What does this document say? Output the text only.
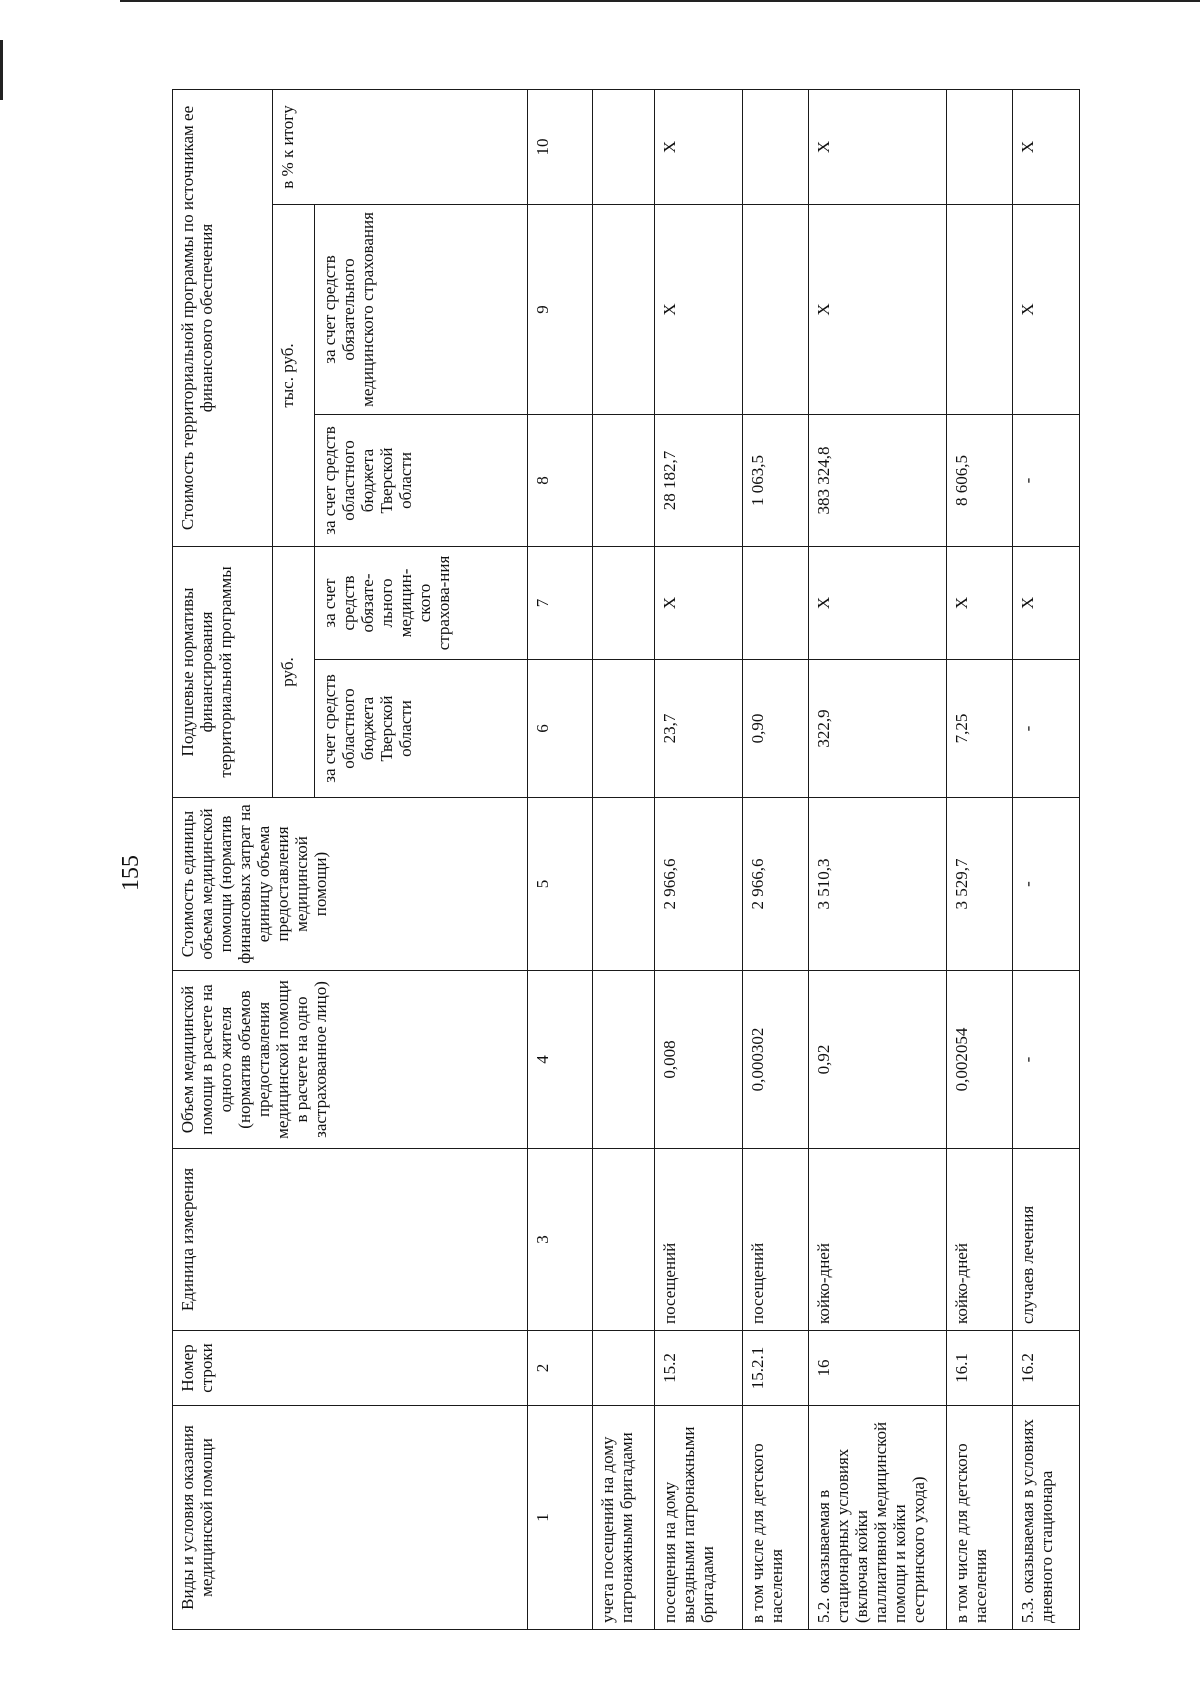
155
Виды и условия оказания медицинской помощи	Номер строки	Единица измерения	Объем медицинской помощи в расчете на одного жителя (норматив объемов предоставления медицинской помощи в расчете на одно застрахованное лицо)	Стоимость единицы объема медицинской помощи (норматив финансовых затрат на единицу объема предоставления медицинской помощи)	Подушевые нормативы финансирования территориальной программы		Стоимость территориальной программы по источникам ее финансового обеспечения		
					руб.		тыс. руб.		в % к итогу
					за счет средств областного бюджета Тверской области	за счет средств обязате-льного медицин-ского страхова-ния	за счет средств областного бюджета Тверской области	за счет средств обязательного медицинского страхования	
1	2	3	4	5	6	7	8	9	10
учета посещений на дому патронажными бригадами									
посещения на дому выездными патронажными бригадами	15.2	посещений	0,008	2 966,6	23,7	Х	28 182,7	Х	Х
в том числе для детского населения	15.2.1	посещений	0,000302	2 966,6	0,90		1 063,5		
5.2. оказываемая в стационарных условиях (включая койки паллиативной медицинской помощи и койки сестринского ухода)	16	койко-дней	0,92	3 510,3	322,9	Х	383 324,8	Х	Х
в том числе для детского населения	16.1	койко-дней	0,002054	3 529,7	7,25	Х	8 606,5		
5.3. оказываемая в условиях дневного стационара	16.2	случаев лечения	-	-	-	Х	-	Х	Х
